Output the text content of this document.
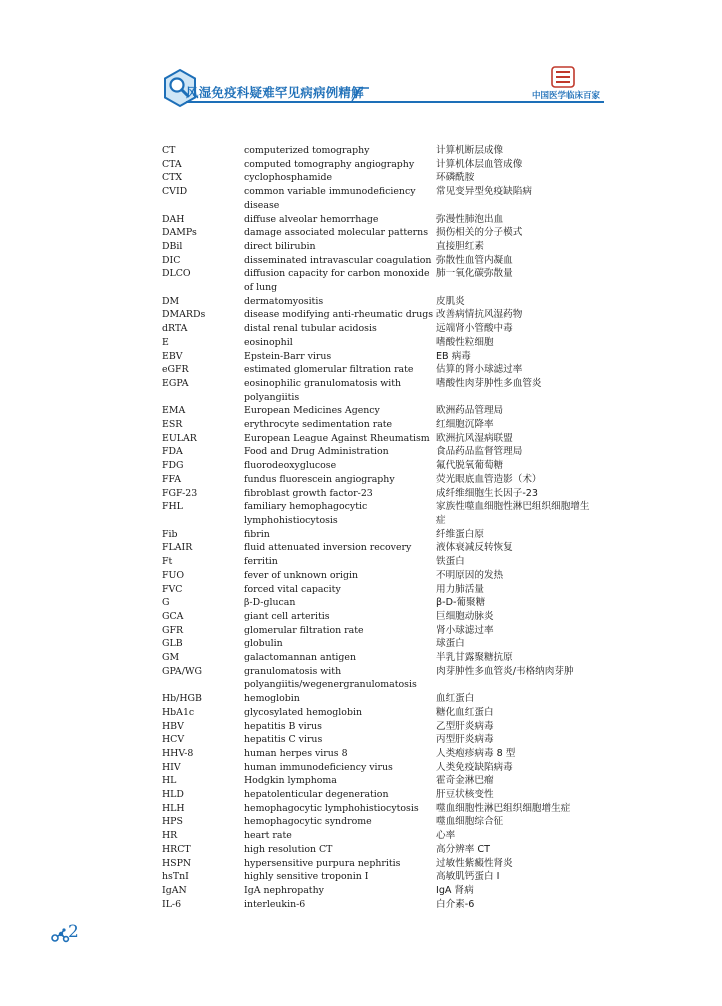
风湿免疫科疑难罕见病病例精解	中国医学临床百家
CT	computerized tomography	计算机断层成像
CTA	computed tomography angiography	计算机体层血管成像
CTX	cyclophosphamide	环磷酰胺
CVID	common variable immunodeficiency disease
常见变异型免疫缺陷病
DAH	diffuse alveolar hemorrhage	弥漫性肺泡出血
DAMPs	damage associated molecular patterns 损伤相关的分子模式
DBil	direct bilirubin	直接胆红素
DIC	disseminated intravascular coagulation 弥散性血管内凝血
DLCO	diffusion capacity for carbon monoxide of lung
肺一氧化碳弥散量
DM	dermatomyositis	皮肌炎
DMARDs	disease modifying anti-rheumatic drugs 改善病情抗风湿药物
dRTA	distal renal tubular acidosis	远端肾小管酸中毒
E	eosinophil	嗜酸性粒细胞
EBV	Epstein-Barr virus	EB 病毒
eGFR	estimated glomerular filtration rate	估算的肾小球滤过率
EGPA	eosinophilic granulomatosis with polyangiitis
嗜酸性肉芽肿性多血管炎
EMA	European Medicines Agency	欧洲药品管理局
ESR	erythrocyte sedimentation rate	红细胞沉降率
EULAR	European League Against Rheumatism 欧洲抗风湿病联盟
FDA	Food and Drug Administration	食品药品监督管理局
FDG	fluorodeoxyglucose	氟代脱氧葡萄糖
FFA	fundus fluorescein angiography	荧光眼底血管造影（术）
FGF-23	fibroblast growth factor-23	成纤维细胞生长因子-23
FHL	familiary hemophagocytic lymphohistiocytosis
家族性噬血细胞性淋巴组织细胞增生症
Fib	fibrin	纤维蛋白原
FLAIR	fluid attenuated inversion recovery	液体衰减反转恢复
Ft	ferritin	铁蛋白
FUO	fever of unknown origin	不明原因的发热
FVC	forced vital capacity	用力肺活量
G	β-D-glucan	β-D-葡聚糖
GCA	giant cell arteritis	巨细胞动脉炎
GFR	glomerular filtration rate	肾小球滤过率
GLB	globulin	球蛋白
GM	galactomannan antigen	半乳甘露聚糖抗原
GPA/WG	granulomatosis with polyangiitis/wegenergranulomatosis
肉芽肿性多血管炎/韦格纳肉芽肿
Hb/HGB	hemoglobin	血红蛋白
HbA1c	glycosylated hemoglobin	糖化血红蛋白
HBV	hepatitis B virus	乙型肝炎病毒
HCV	hepatitis C virus	丙型肝炎病毒
HHV-8	human herpes virus 8	人类疱疹病毒 8 型
HIV	human immunodeficiency virus	人类免疫缺陷病毒
HL	Hodgkin lymphoma	霍奇金淋巴瘤
HLD	hepatolenticular degeneration	肝豆状核变性
HLH	hemophagocytic lymphohistiocytosis	噬血细胞性淋巴组织细胞增生症
HPS	hemophagocytic syndrome	噬血细胞综合征
HR	heart rate	心率
HRCT	high resolution CT	高分辨率 CT
HSPN	hypersensitive purpura nephritis	过敏性紫癜性肾炎
hsTnI	highly sensitive troponin I	高敏肌钙蛋白 I
IgAN	IgA nephropathy	IgA 肾病
IL-6	interleukin-6	白介素-6
2
